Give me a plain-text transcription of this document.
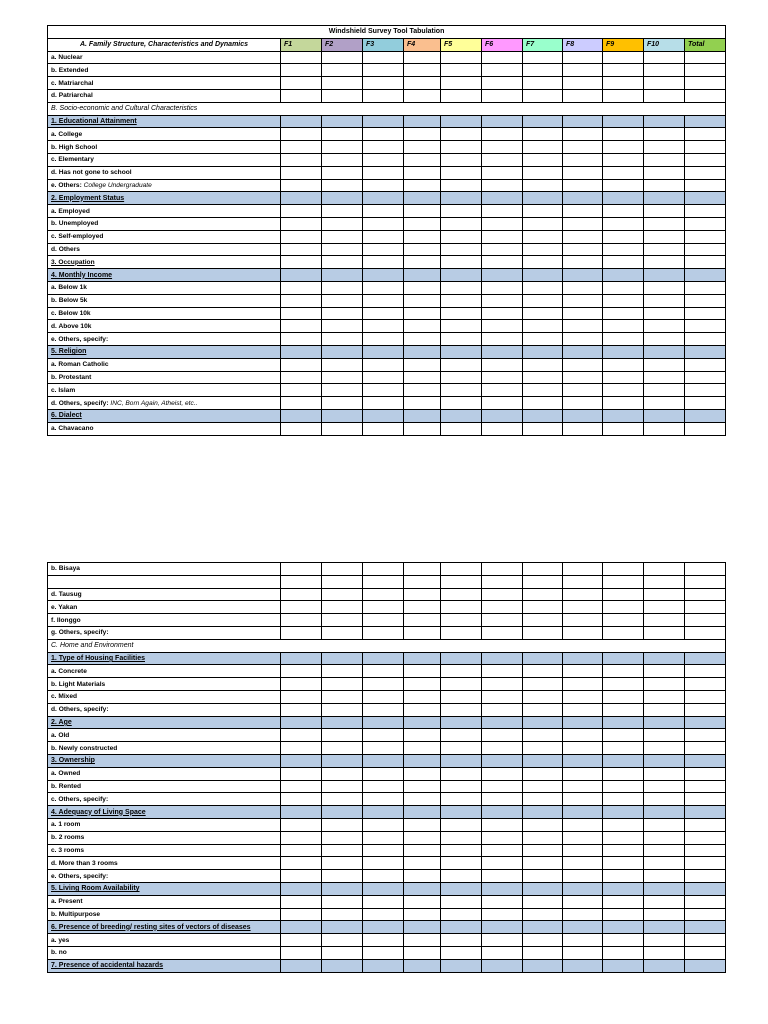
Windshield Survey Tool Tabulation											
A. Family Structure, Characteristics and Dynamics	F1	F2	F3	F4	F5	F6	F7	F8	F9	F10	Total
a. Nuclear											
b. Extended											
c. Matriarchal											
d. Patriarchal											
B. Socio-economic and Cultural Characteristics											
1. Educational Attainment											
a. College											
b. High School											
c. Elementary											
d. Has not gone to school											
e. Others: College Undergraduate											
2. Employment Status											
a. Employed											
b. Unemployed											
c. Self-employed											
d. Others											
3. Occupation											
4. Monthly Income											
a. Below 1k											
b. Below 5k											
c. Below 10k											
d. Above 10k											
e. Others, specify:											
5. Religion											
a. Roman Catholic											
b. Protestant											
c. Islam											
d. Others, specify: INC, Born Again, Atheist, etc..											
6. Dialect											
a. Chavacano											
b. Bisaya											

d. Tausug											
e. Yakan											
f. Ilonggo											
g. Others, specify:											
C. Home and Environment											
1. Type of Housing Facilities											
a. Concrete											
b. Light Materials											
c. Mixed											
d. Others, specify:											
2. Age											
a. Old											
b. Newly constructed											
3. Ownership											
a. Owned											
b. Rented											
c. Others, specify:											
4. Adequacy of Living Space											
a. 1 room											
b. 2 rooms											
c. 3 rooms											
d. More than 3 rooms											
e. Others, specify:											
5. Living Room Availability											
a. Present											
b. Multipurpose											
6. Presence of breeding/ resting sites of vectors of diseases											
a. yes											
b. no											
7. Presence of accidental hazards											
